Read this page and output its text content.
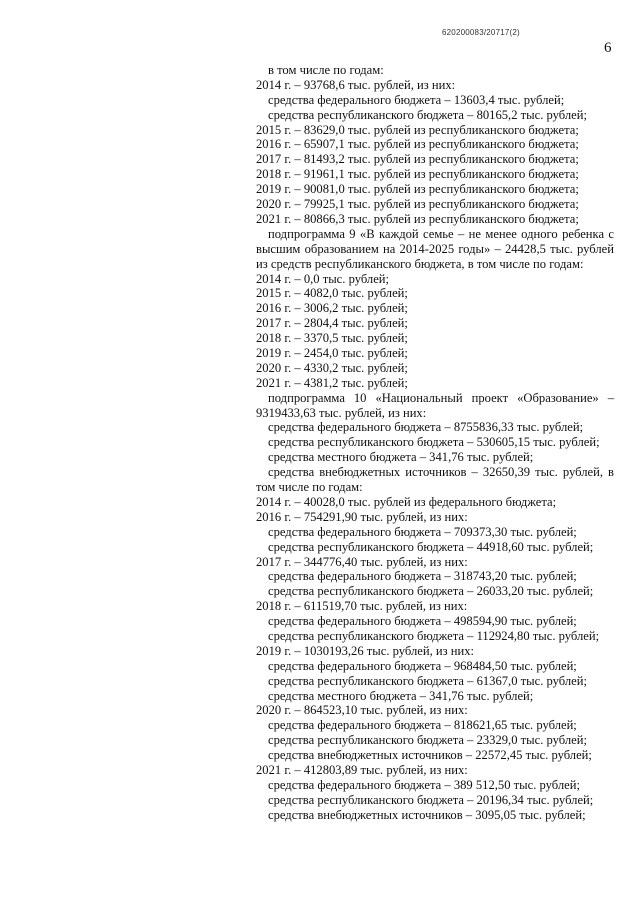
620200083/20717(2)
6
в том числе по годам:
2014 г. – 93768,6 тыс. рублей, из них:
средства федерального бюджета – 13603,4 тыс. рублей;
средства республиканского бюджета – 80165,2 тыс. рублей;
2015 г. – 83629,0 тыс. рублей из республиканского бюджета;
2016 г. – 65907,1 тыс. рублей из республиканского бюджета;
2017 г. – 81493,2 тыс. рублей из республиканского бюджета;
2018 г. – 91961,1 тыс. рублей из республиканского бюджета;
2019 г. – 90081,0 тыс. рублей из республиканского бюджета;
2020 г. – 79925,1 тыс. рублей из республиканского бюджета;
2021 г. – 80866,3 тыс. рублей из республиканского бюджета;
подпрограмма 9 «В каждой семье – не менее одного ребенка с высшим образованием на 2014-2025 годы» – 24428,5 тыс. рублей из средств республиканского бюджета, в том числе по годам:
2014 г. – 0,0 тыс. рублей;
2015 г. – 4082,0 тыс. рублей;
2016 г. – 3006,2 тыс. рублей;
2017 г. – 2804,4 тыс. рублей;
2018 г. – 3370,5 тыс. рублей;
2019 г. – 2454,0 тыс. рублей;
2020 г. – 4330,2 тыс. рублей;
2021 г. – 4381,2 тыс. рублей;
подпрограмма 10 «Национальный проект «Образование» – 9319433,63 тыс. рублей, из них:
средства федерального бюджета – 8755836,33 тыс. рублей;
средства республиканского бюджета – 530605,15 тыс. рублей;
средства местного бюджета – 341,76 тыс. рублей;
средства внебюджетных источников – 32650,39 тыс. рублей, в том числе по годам:
2014 г. – 40028,0 тыс. рублей из федерального бюджета;
2016 г. – 754291,90 тыс. рублей, из них:
средства федерального бюджета – 709373,30 тыс. рублей;
средства республиканского бюджета – 44918,60 тыс. рублей;
2017 г. – 344776,40 тыс. рублей, из них:
средства федерального бюджета – 318743,20 тыс. рублей;
средства республиканского бюджета – 26033,20 тыс. рублей;
2018 г. – 611519,70 тыс. рублей, из них:
средства федерального бюджета – 498594,90 тыс. рублей;
средства республиканского бюджета – 112924,80 тыс. рублей;
2019 г. – 1030193,26 тыс. рублей, из них:
средства федерального бюджета – 968484,50 тыс. рублей;
средства республиканского бюджета – 61367,0 тыс. рублей;
средства местного бюджета – 341,76 тыс. рублей;
2020 г. – 864523,10 тыс. рублей, из них:
средства федерального бюджета – 818621,65 тыс. рублей;
средства республиканского бюджета – 23329,0 тыс. рублей;
средства внебюджетных источников – 22572,45 тыс. рублей;
2021 г. – 412803,89 тыс. рублей, из них:
средства федерального бюджета – 389 512,50 тыс. рублей;
средства республиканского бюджета – 20196,34 тыс. рублей;
средства внебюджетных источников – 3095,05 тыс. рублей;
